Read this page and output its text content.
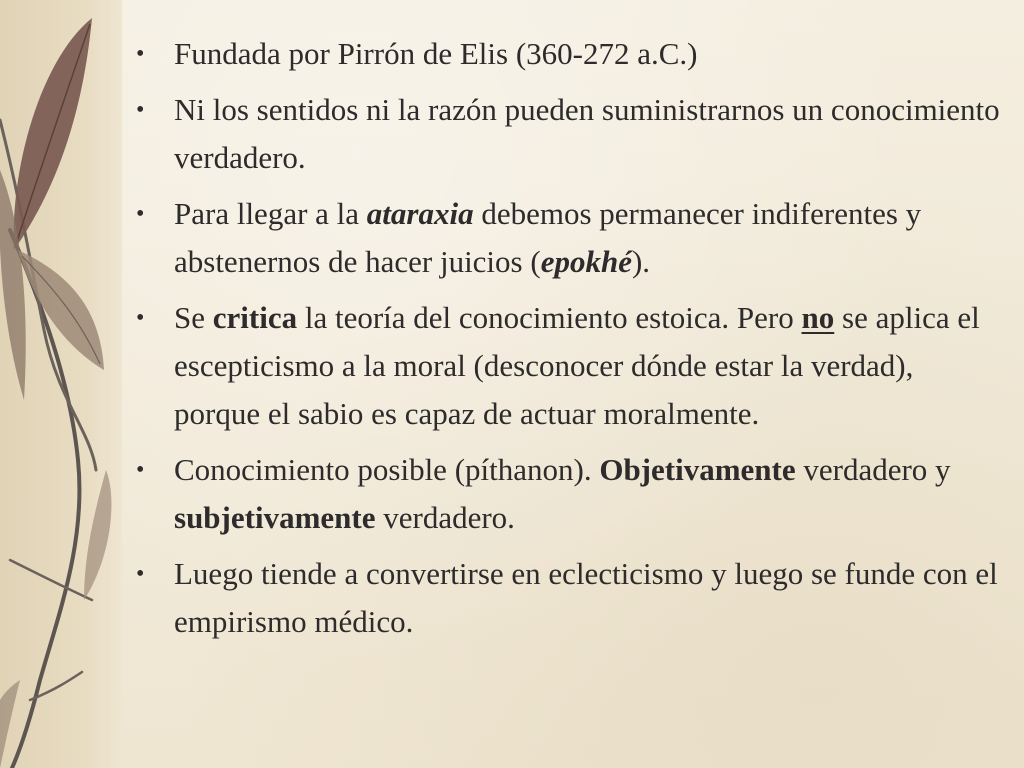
• Fundada por Pirrón de Elis (360-272 a.C.)
• Ni los sentidos ni la razón pueden suministrarnos un conocimiento verdadero.
• Para llegar a la ataraxia debemos permanecer indiferentes y abstenernos de hacer juicios (epokhé).
• Se critica la teoría del conocimiento estoica. Pero no se aplica el escepticismo a la moral (desconocer dónde estar la verdad), porque el sabio es capaz de actuar moralmente.
• Conocimiento posible (píthanon). Objetivamente verdadero y subjetivamente verdadero.
• Luego tiende a convertirse en eclecticismo y luego se funde con el empirismo médico.
